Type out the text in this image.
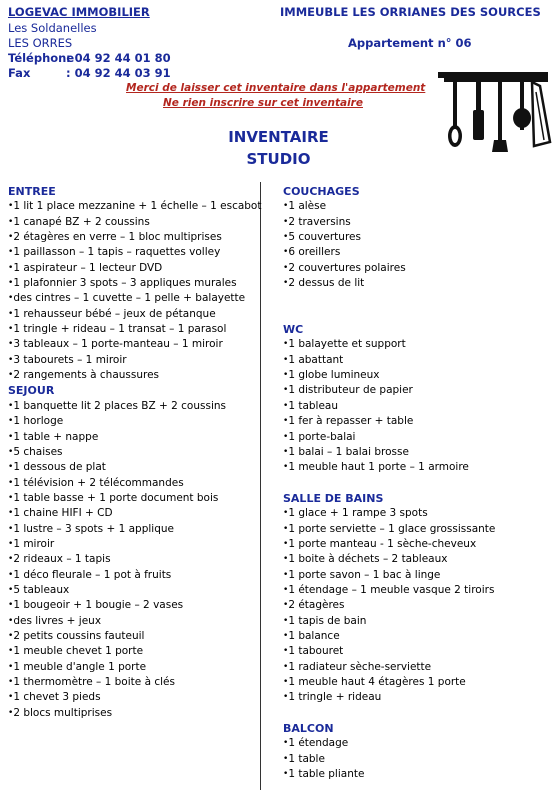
LOGEVAC IMMOBILIER
Les Soldanelles
LES ORRES
Téléphone
: 04 92 44 01 80
Fax	: 04 92 44 03 91
IMMEUBLE LES ORRIANES DES SOURCES
Appartement n° 06
Merci de laisser cet inventaire dans l'appartement
Ne rien inscrire sur cet inventaire
INVENTAIRE
STUDIO
ENTREE
• 1 lit 1 place mezzanine + 1 échelle – 1 escabot
• 1 canapé BZ + 2 coussins
• 2 étagères en verre – 1 bloc multiprises
• 1 paillasson – 1 tapis – raquettes volley
• 1 aspirateur – 1 lecteur DVD
• 1 plafonnier 3 spots – 3 appliques murales
• des cintres – 1 cuvette – 1 pelle + balayette
• 1 rehausseur bébé – jeux de pétanque
• 1 tringle + rideau – 1 transat – 1 parasol
• 3 tableaux – 1 porte-manteau – 1 miroir
• 3 tabourets – 1 miroir
• 2 rangements à chaussures
SEJOUR
• 1 banquette lit 2 places BZ + 2 coussins
• 1 horloge
• 1 table + nappe
• 5 chaises
• 1 dessous de plat
• 1 télévision + 2 télécommandes
• 1 table basse + 1 porte document bois
• 1 chaine HIFI + CD
• 1 lustre – 3 spots + 1 applique
• 1 miroir
• 2 rideaux – 1 tapis
• 1 déco fleurale – 1 pot à fruits
• 5 tableaux
• 1 bougeoir + 1 bougie – 2 vases
• des livres + jeux
• 2 petits coussins fauteuil
• 1 meuble chevet 1 porte
• 1 meuble d'angle 1 porte
• 1 thermomètre – 1 boite à clés
• 1 chevet 3 pieds
• 2 blocs multiprises
COUCHAGES
• 1 alèse
• 2 traversins
• 5 couvertures
• 6 oreillers
• 2 couvertures polaires
• 2 dessus de lit
WC
• 1 balayette et support
• 1 abattant
• 1 globe lumineux
• 1 distributeur de papier
• 1 tableau
• 1 fer à repasser + table
• 1 porte-balai
• 1 balai – 1 balai brosse
• 1 meuble haut 1 porte – 1 armoire
SALLE DE BAINS
• 1 glace + 1 rampe 3 spots
• 1 porte serviette – 1 glace grossissante
• 1 porte manteau - 1 sèche-cheveux
• 1 boite à déchets – 2 tableaux
• 1 porte savon – 1 bac à linge
• 1 étendage – 1 meuble vasque 2 tiroirs
• 2 étagères
• 1 tapis de bain
• 1 balance
• 1 tabouret
• 1 radiateur sèche-serviette
• 1 meuble haut 4 étagères 1 porte
• 1 tringle + rideau
BALCON
• 1 étendage
• 1 table
• 1 table pliante
